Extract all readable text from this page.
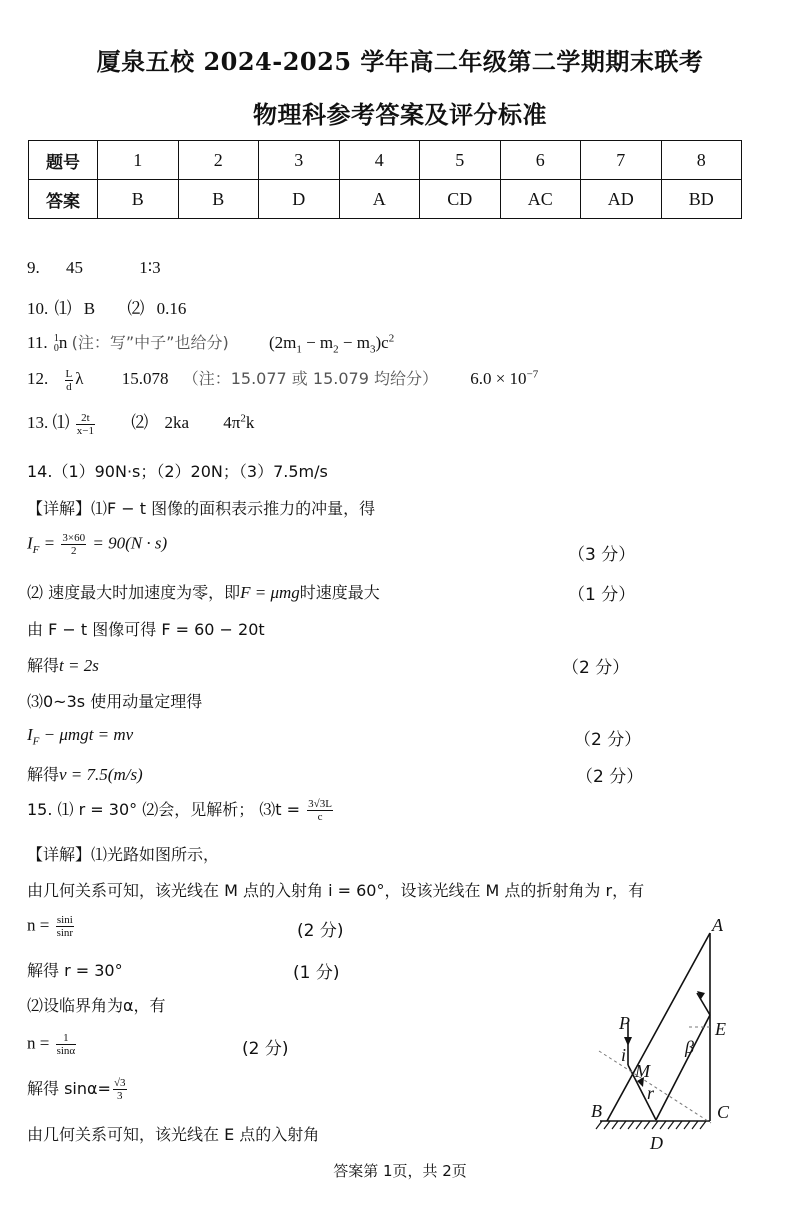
厦泉五校 2024-2025 学年高二年级第二学期期末联考
物理科参考答案及评分标准
题号	1	2	3	4	5	6	7	8
答案	B	B	D	A	CD	AC	AD	BD
9. 45	1∶3
10. ⑴ B ⑵ 0.16
11. 1
0 n (注：写”中子”也给分) $(2m_1 - m_2 - m_3)c^2$
12. $\frac{L}{d}$ λ 15.078 （注：15.077 或 15.079 均给分） $6.0 \times 10^{-7}$
13. ⑴ $\frac{2t}{x-1}$ ⑵ 2ka $4\pi^2k$
14.（1）90N·s；（2）20N；（3）7.5m/s
【详解】⑴F − t 图像的面积表示推力的冲量，得
$I_F = \frac{3\times 60}{2} = 90(N \cdot s)$
（3 分）
⑵ 速度最大时加速度为零，即F = μmg时速度最大	（1 分）
由 F − t 图像可得 F = 60 − 20t
解得t = 2s	（2 分）
⑶0~3s 使用动量定理得
$I_F - \mu mgt$ = mv	（2 分）
解得v = 7.5(m/s)	（2 分）
15. ⑴ r = 30° ⑵会，见解析； ⑶t = $\frac{3√3L}{c}$
【详解】⑴光路如图所示，
由几何关系可知，该光线在 M 点的入射角 i = 60°，设该光线在 M 点的折射角为 r，有
$n = \frac{\sin i}{\sin r}$	(2 分)
解得 r = 30°	(1 分)
⑵设临界角为α，有
$n = \frac{1}{\sin\alpha}$	(2 分)
解得 $\sin\alpha= \frac{√3}{3}$
由几何关系可知，该光线在 E 点的入射角
A
B	C
D
E
M
P
i
r
β
答案第 1页，共 2页
